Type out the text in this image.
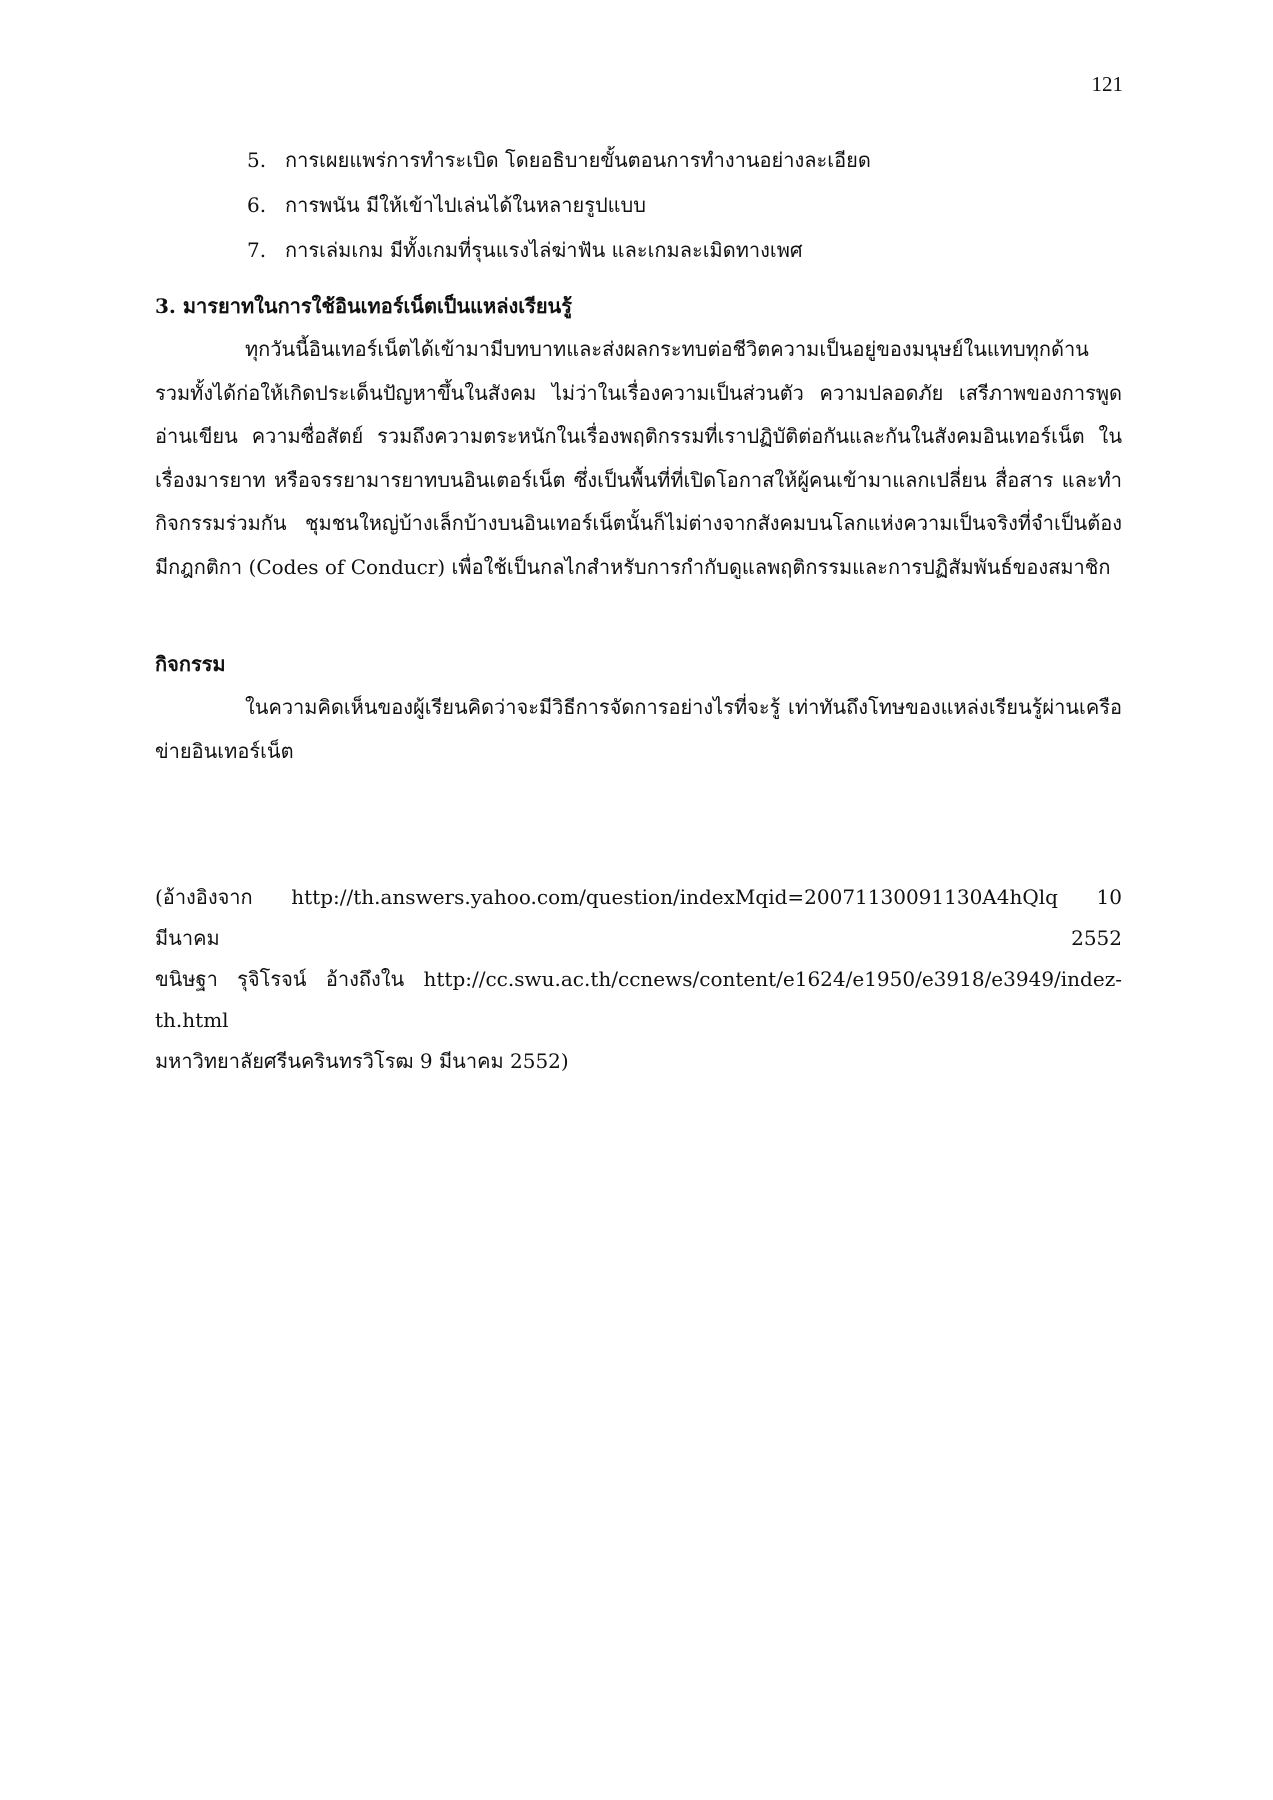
121
5. การเผยแพร่การทำระเบิด โดยอธิบายขั้นตอนการทำงานอย่างละเอียด
6. การพนัน มีให้เข้าไปเล่นได้ในหลายรูปแบบ
7. การเล่มเกม มีทั้งเกมที่รุนแรงไล่ฆ่าฟัน และเกมละเมิดทางเพศ
3. มารยาทในการใช้อินเทอร์เน็ตเป็นแหล่งเรียนรู้

ทุกวันนี้อินเทอร์เน็ตได้เข้ามามีบทบาทและส่งผลกระทบต่อชีวิตความเป็นอยู่ของมนุษย์ในแทบทุกด้าน รวมทั้งได้ก่อให้เกิดประเด็นปัญหาขึ้นในสังคม ไม่ว่าในเรื่องความเป็นส่วนตัว ความปลอดภัย เสรีภาพของการพูดอ่านเขียน ความซื่อสัตย์ รวมถึงความตระหนักในเรื่องพฤติกรรมที่เราปฏิบัติต่อกันและกันในสังคมอินเทอร์เน็ต ในเรื่องมารยาท หรือจรรยามารยาทบนอินเตอร์เน็ต ซึ่งเป็นพื้นที่ที่เปิดโอกาสให้ผู้คนเข้ามาแลกเปลี่ยน สื่อสาร และทำกิจกรรมร่วมกัน ชุมชนใหญ่บ้างเล็กบ้างบนอินเทอร์เน็ตนั้นก็ไม่ต่างจากสังคมบนโลกแห่งความเป็นจริงที่จำเป็นต้องมีกฎกติกา (Codes of Conducr) เพื่อใช้เป็นกลไกสำหรับการกำกับดูแลพฤติกรรมและการปฏิสัมพันธ์ของสมาชิก

กิจกรรม

ในความคิดเห็นของผู้เรียนคิดว่าจะมีวิธีการจัดการอย่างไรที่จะรู้ เท่าทันถึงโทษของแหล่งเรียนรู้ผ่านเครือข่ายอินเทอร์เน็ต

(อ้างอิงจาก http://th.answers.yahoo.com/question/indexMqid=20071130091130A4hQlq 10 มีนาคม 2552
ขนิษฐา รุจิโรจน์ อ้างถึงใน http://cc.swu.ac.th/ccnews/content/e1624/e1950/e3918/e3949/indez-th.html
มหาวิทยาลัยศรีนครินทรวิโรฒ 9 มีนาคม 2552)
